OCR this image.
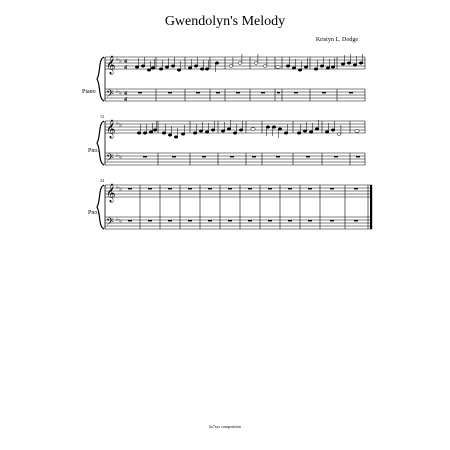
Gwendolyn's Melody
Kristyn L. Dodge
Piano
𝄞
𝄢
♭ ♭
♭ ♭
4
4
4
4
Pno.
13
𝄞
𝄢
♭ ♭
♭ ♭
Pno.
24
𝄞
𝄢
♭ ♭
♭ ♭
ks7sys composition
